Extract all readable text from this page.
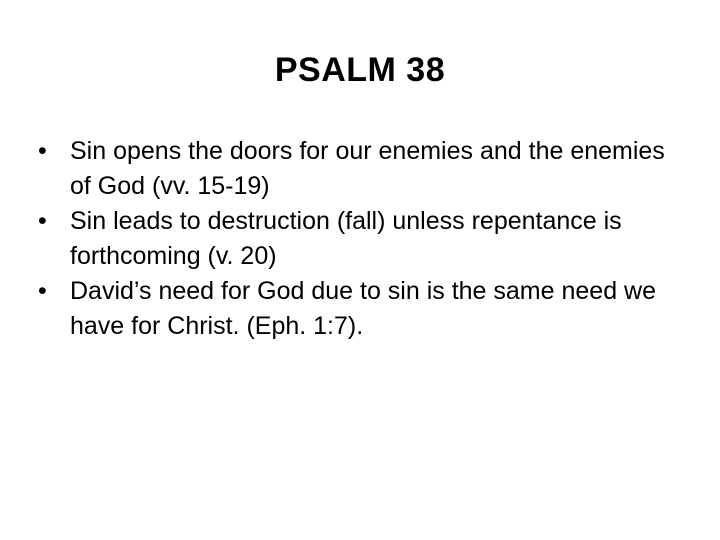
PSALM 38
• Sin opens the doors for our enemies and the enemies of God (vv. 15-19)
• Sin leads to destruction (fall) unless repentance is forthcoming (v. 20)
• David’s need for God due to sin is the same need we have for Christ. (Eph. 1:7).
